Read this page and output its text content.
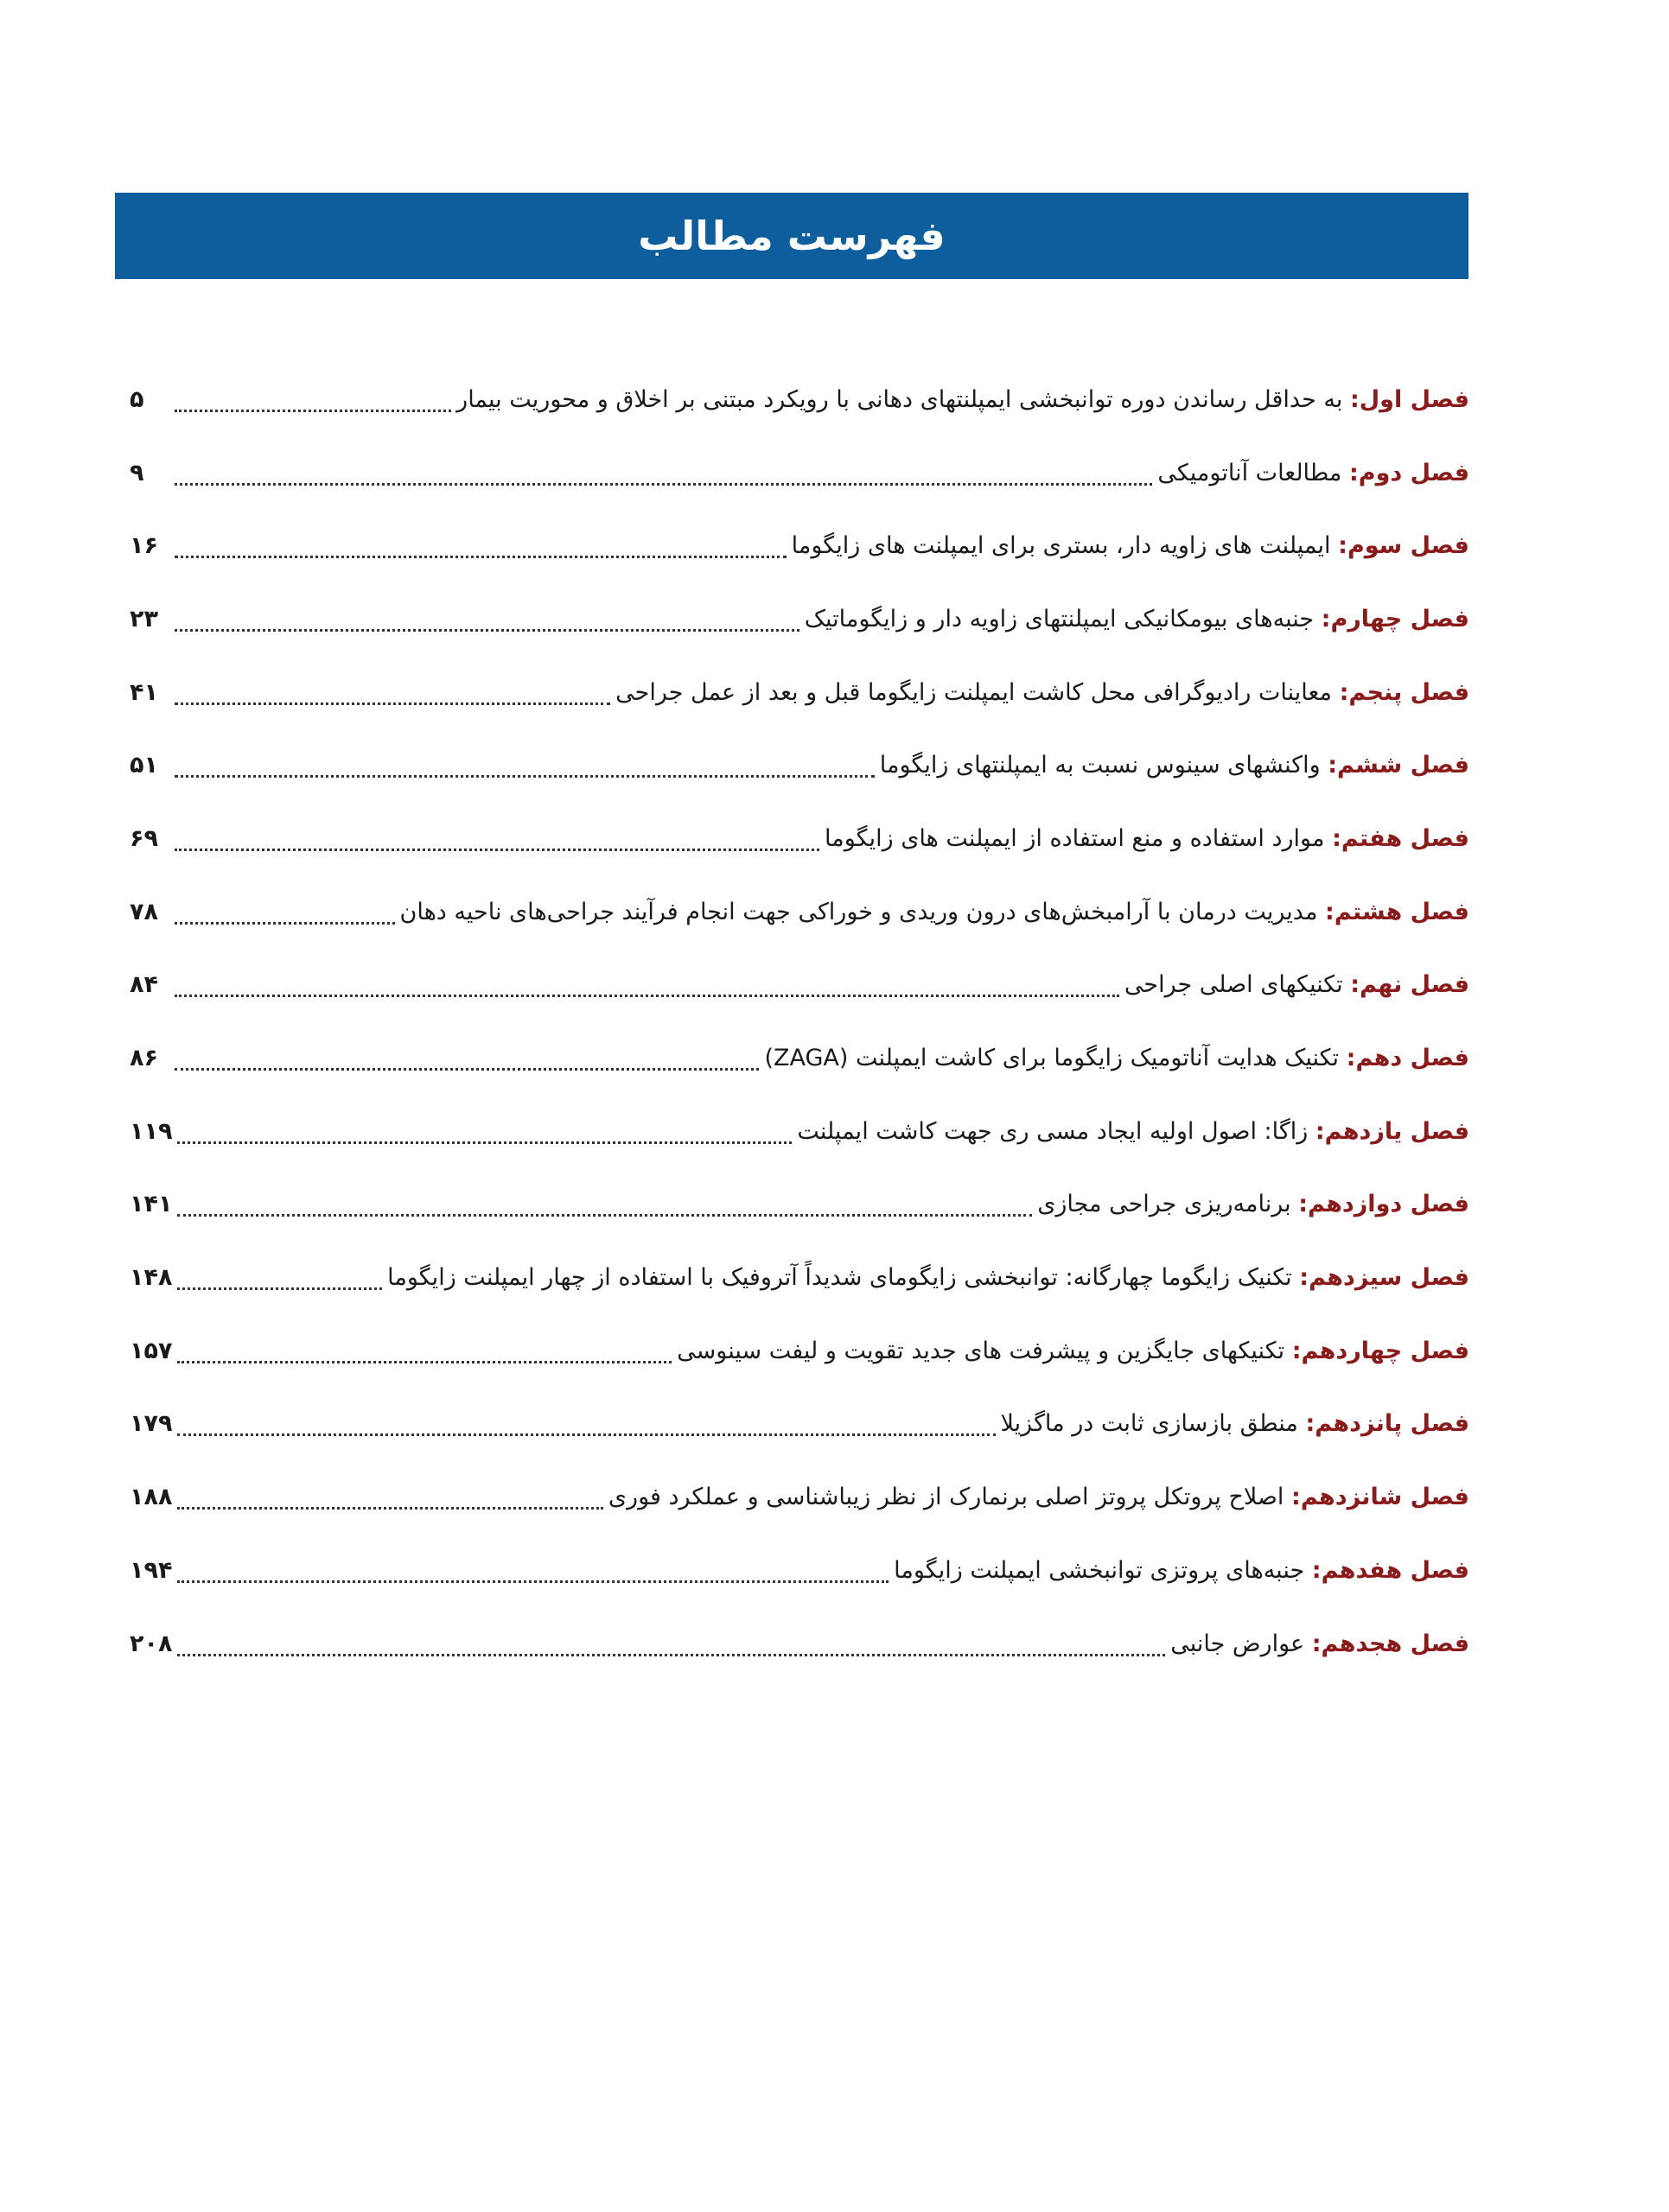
فهرست مطالب
۵	فصل اول: به حداقل رساندن دوره توانبخشی ایمپلنتهای دهانی با رویکرد مبتنی بر اخلاق و محوریت بیمار
۹	فصل دوم: مطالعات آناتومیکی
۱۶	فصل سوم: ایمپلنت های زاویه دار، بستری برای ایمپلنت های زایگوما
۲۳	فصل چهارم: جنبه‌های بیومکانیکی ایمپلنتهای زاویه دار و زایگوماتیک
۴۱	فصل پنجم: معاینات رادیوگرافی محل کاشت ایمپلنت زایگوما قبل و بعد از عمل جراحی
۵۱	فصل ششم: واکنشهای سینوس نسبت به ایمپلنتهای زایگوما
۶۹	فصل هفتم: موارد استفاده و منع استفاده از ایمپلنت های زایگوما
۷۸	فصل هشتم: مدیریت درمان با آرامبخش‌های درون وریدی و خوراکی جهت انجام فرآیند جراحی‌های ناحیه دهان
۸۴	فصل نهم: تکنیکهای اصلی جراحی
۸۶	فصل دهم: تکنیک هدایت آناتومیک زایگوما برای کاشت ایمپلنت (ZAGA)
۱۱۹	فصل یازدهم: زاگا: اصول اولیه ایجاد مسی ری جهت کاشت ایمپلنت
۱۴۱	فصل دوازدهم: برنامه‌ریزی جراحی مجازی
۱۴۸	فصل سیزدهم: تکنیک زایگوما چهارگانه: توانبخشی زایگومای شدیداً آتروفیک با استفاده از چهار ایمپلنت زایگوما
۱۵۷	فصل چهاردهم: تکنیکهای جایگزین و پیشرفت های جدید تقویت و لیفت سینوسی
۱۷۹	فصل پانزدهم: منطق بازسازی ثابت در ماگزیلا
۱۸۸	فصل شانزدهم: اصلاح پروتکل پروتز اصلی برنمارک از نظر زیباشناسی و عملکرد فوری
۱۹۴	فصل هفدهم: جنبه‌های پروتزی توانبخشی ایمپلنت زایگوما
۲۰۸	فصل هجدهم: عوارض جانبی
